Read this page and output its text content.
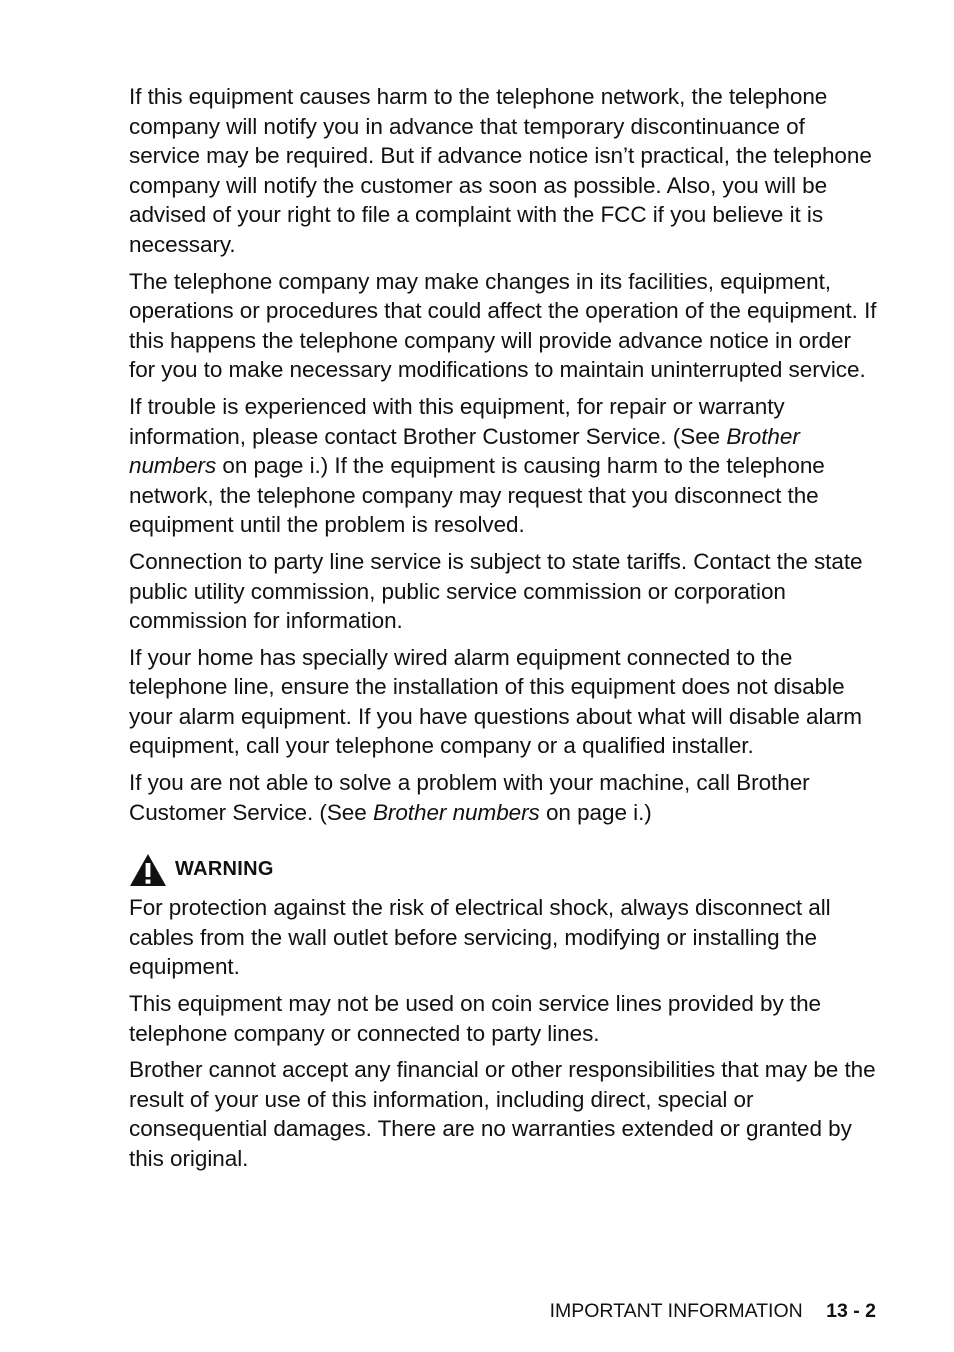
If this equipment causes harm to the telephone network, the telephone company will notify you in advance that temporary discontinuance of service may be required. But if advance notice isn’t practical, the telephone company will notify the customer as soon as possible. Also, you will be advised of your right to file a complaint with the FCC if you believe it is necessary.

The telephone company may make changes in its facilities, equipment, operations or procedures that could affect the operation of the equipment. If this happens the telephone company will provide advance notice in order for you to make necessary modifications to maintain uninterrupted service.

If trouble is experienced with this equipment, for repair or warranty information, please contact Brother Customer Service. (See Brother numbers on page i.) If the equipment is causing harm to the telephone network, the telephone company may request that you disconnect the equipment until the problem is resolved.

Connection to party line service is subject to state tariffs. Contact the state public utility commission, public service commission or corporation commission for information.

If your home has specially wired alarm equipment connected to the telephone line, ensure the installation of this equipment does not disable your alarm equipment. If you have questions about what will disable alarm equipment, call your telephone company or a qualified installer.

If you are not able to solve a problem with your machine, call Brother Customer Service. (See Brother numbers on page i.)

WARNING

For protection against the risk of electrical shock, always disconnect all cables from the wall outlet before servicing, modifying or installing the equipment.

This equipment may not be used on coin service lines provided by the telephone company or connected to party lines.

Brother cannot accept any financial or other responsibilities that may be the result of your use of this information, including direct, special or consequential damages. There are no warranties extended or granted by this original.

IMPORTANT INFORMATION 13 - 2
